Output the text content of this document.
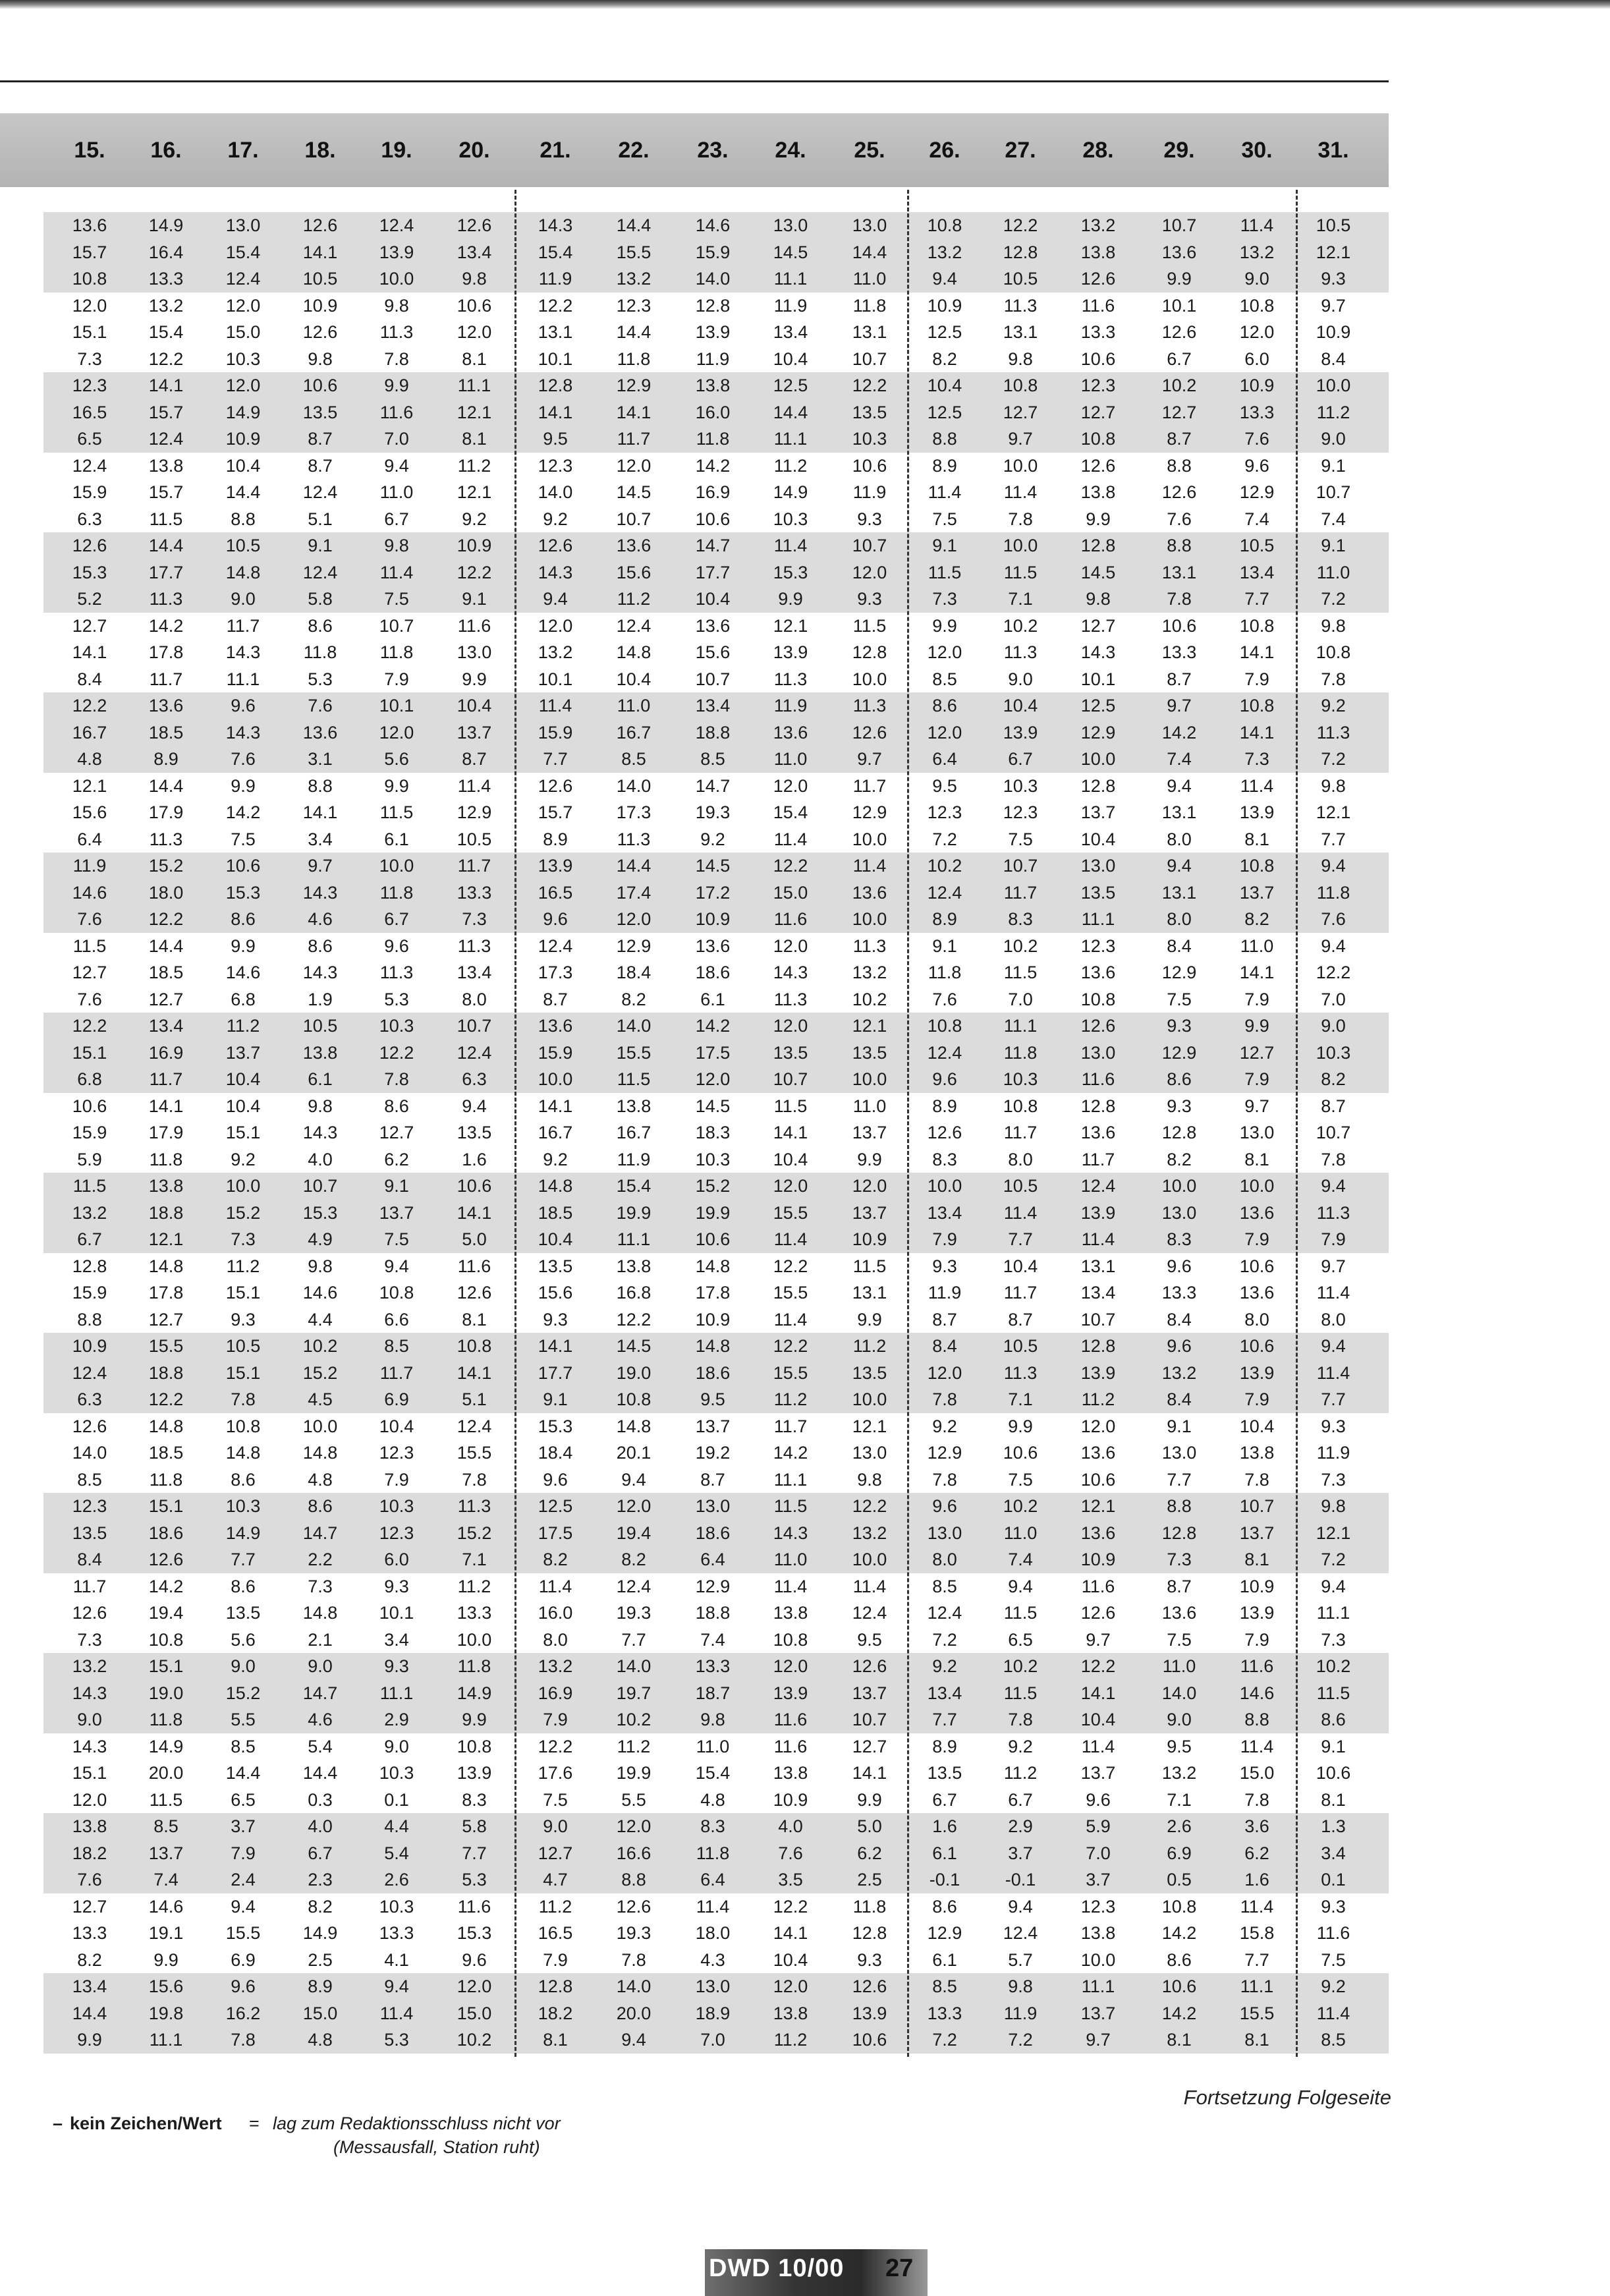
15.	16.	17.	18.	19.	20.	21.	22.	23.	24.	25.	26.	27.	28.	29.	30.	31.
13.6	14.9	13.0	12.6	12.4	12.6	14.3	14.4	14.6	13.0	13.0	10.8	12.2	13.2	10.7	11.4	10.5
15.7	16.4	15.4	14.1	13.9	13.4	15.4	15.5	15.9	14.5	14.4	13.2	12.8	13.8	13.6	13.2	12.1
10.8	13.3	12.4	10.5	10.0	9.8	11.9	13.2	14.0	11.1	11.0	9.4	10.5	12.6	9.9	9.0	9.3
12.0	13.2	12.0	10.9	9.8	10.6	12.2	12.3	12.8	11.9	11.8	10.9	11.3	11.6	10.1	10.8	9.7
15.1	15.4	15.0	12.6	11.3	12.0	13.1	14.4	13.9	13.4	13.1	12.5	13.1	13.3	12.6	12.0	10.9
7.3	12.2	10.3	9.8	7.8	8.1	10.1	11.8	11.9	10.4	10.7	8.2	9.8	10.6	6.7	6.0	8.4
12.3	14.1	12.0	10.6	9.9	11.1	12.8	12.9	13.8	12.5	12.2	10.4	10.8	12.3	10.2	10.9	10.0
16.5	15.7	14.9	13.5	11.6	12.1	14.1	14.1	16.0	14.4	13.5	12.5	12.7	12.7	12.7	13.3	11.2
6.5	12.4	10.9	8.7	7.0	8.1	9.5	11.7	11.8	11.1	10.3	8.8	9.7	10.8	8.7	7.6	9.0
12.4	13.8	10.4	8.7	9.4	11.2	12.3	12.0	14.2	11.2	10.6	8.9	10.0	12.6	8.8	9.6	9.1
15.9	15.7	14.4	12.4	11.0	12.1	14.0	14.5	16.9	14.9	11.9	11.4	11.4	13.8	12.6	12.9	10.7
6.3	11.5	8.8	5.1	6.7	9.2	9.2	10.7	10.6	10.3	9.3	7.5	7.8	9.9	7.6	7.4	7.4
12.6	14.4	10.5	9.1	9.8	10.9	12.6	13.6	14.7	11.4	10.7	9.1	10.0	12.8	8.8	10.5	9.1
15.3	17.7	14.8	12.4	11.4	12.2	14.3	15.6	17.7	15.3	12.0	11.5	11.5	14.5	13.1	13.4	11.0
5.2	11.3	9.0	5.8	7.5	9.1	9.4	11.2	10.4	9.9	9.3	7.3	7.1	9.8	7.8	7.7	7.2
12.7	14.2	11.7	8.6	10.7	11.6	12.0	12.4	13.6	12.1	11.5	9.9	10.2	12.7	10.6	10.8	9.8
14.1	17.8	14.3	11.8	11.8	13.0	13.2	14.8	15.6	13.9	12.8	12.0	11.3	14.3	13.3	14.1	10.8
8.4	11.7	11.1	5.3	7.9	9.9	10.1	10.4	10.7	11.3	10.0	8.5	9.0	10.1	8.7	7.9	7.8
12.2	13.6	9.6	7.6	10.1	10.4	11.4	11.0	13.4	11.9	11.3	8.6	10.4	12.5	9.7	10.8	9.2
16.7	18.5	14.3	13.6	12.0	13.7	15.9	16.7	18.8	13.6	12.6	12.0	13.9	12.9	14.2	14.1	11.3
4.8	8.9	7.6	3.1	5.6	8.7	7.7	8.5	8.5	11.0	9.7	6.4	6.7	10.0	7.4	7.3	7.2
12.1	14.4	9.9	8.8	9.9	11.4	12.6	14.0	14.7	12.0	11.7	9.5	10.3	12.8	9.4	11.4	9.8
15.6	17.9	14.2	14.1	11.5	12.9	15.7	17.3	19.3	15.4	12.9	12.3	12.3	13.7	13.1	13.9	12.1
6.4	11.3	7.5	3.4	6.1	10.5	8.9	11.3	9.2	11.4	10.0	7.2	7.5	10.4	8.0	8.1	7.7
11.9	15.2	10.6	9.7	10.0	11.7	13.9	14.4	14.5	12.2	11.4	10.2	10.7	13.0	9.4	10.8	9.4
14.6	18.0	15.3	14.3	11.8	13.3	16.5	17.4	17.2	15.0	13.6	12.4	11.7	13.5	13.1	13.7	11.8
7.6	12.2	8.6	4.6	6.7	7.3	9.6	12.0	10.9	11.6	10.0	8.9	8.3	11.1	8.0	8.2	7.6
11.5	14.4	9.9	8.6	9.6	11.3	12.4	12.9	13.6	12.0	11.3	9.1	10.2	12.3	8.4	11.0	9.4
12.7	18.5	14.6	14.3	11.3	13.4	17.3	18.4	18.6	14.3	13.2	11.8	11.5	13.6	12.9	14.1	12.2
7.6	12.7	6.8	1.9	5.3	8.0	8.7	8.2	6.1	11.3	10.2	7.6	7.0	10.8	7.5	7.9	7.0
12.2	13.4	11.2	10.5	10.3	10.7	13.6	14.0	14.2	12.0	12.1	10.8	11.1	12.6	9.3	9.9	9.0
15.1	16.9	13.7	13.8	12.2	12.4	15.9	15.5	17.5	13.5	13.5	12.4	11.8	13.0	12.9	12.7	10.3
6.8	11.7	10.4	6.1	7.8	6.3	10.0	11.5	12.0	10.7	10.0	9.6	10.3	11.6	8.6	7.9	8.2
10.6	14.1	10.4	9.8	8.6	9.4	14.1	13.8	14.5	11.5	11.0	8.9	10.8	12.8	9.3	9.7	8.7
15.9	17.9	15.1	14.3	12.7	13.5	16.7	16.7	18.3	14.1	13.7	12.6	11.7	13.6	12.8	13.0	10.7
5.9	11.8	9.2	4.0	6.2	1.6	9.2	11.9	10.3	10.4	9.9	8.3	8.0	11.7	8.2	8.1	7.8
11.5	13.8	10.0	10.7	9.1	10.6	14.8	15.4	15.2	12.0	12.0	10.0	10.5	12.4	10.0	10.0	9.4
13.2	18.8	15.2	15.3	13.7	14.1	18.5	19.9	19.9	15.5	13.7	13.4	11.4	13.9	13.0	13.6	11.3
6.7	12.1	7.3	4.9	7.5	5.0	10.4	11.1	10.6	11.4	10.9	7.9	7.7	11.4	8.3	7.9	7.9
12.8	14.8	11.2	9.8	9.4	11.6	13.5	13.8	14.8	12.2	11.5	9.3	10.4	13.1	9.6	10.6	9.7
15.9	17.8	15.1	14.6	10.8	12.6	15.6	16.8	17.8	15.5	13.1	11.9	11.7	13.4	13.3	13.6	11.4
8.8	12.7	9.3	4.4	6.6	8.1	9.3	12.2	10.9	11.4	9.9	8.7	8.7	10.7	8.4	8.0	8.0
10.9	15.5	10.5	10.2	8.5	10.8	14.1	14.5	14.8	12.2	11.2	8.4	10.5	12.8	9.6	10.6	9.4
12.4	18.8	15.1	15.2	11.7	14.1	17.7	19.0	18.6	15.5	13.5	12.0	11.3	13.9	13.2	13.9	11.4
6.3	12.2	7.8	4.5	6.9	5.1	9.1	10.8	9.5	11.2	10.0	7.8	7.1	11.2	8.4	7.9	7.7
12.6	14.8	10.8	10.0	10.4	12.4	15.3	14.8	13.7	11.7	12.1	9.2	9.9	12.0	9.1	10.4	9.3
14.0	18.5	14.8	14.8	12.3	15.5	18.4	20.1	19.2	14.2	13.0	12.9	10.6	13.6	13.0	13.8	11.9
8.5	11.8	8.6	4.8	7.9	7.8	9.6	9.4	8.7	11.1	9.8	7.8	7.5	10.6	7.7	7.8	7.3
12.3	15.1	10.3	8.6	10.3	11.3	12.5	12.0	13.0	11.5	12.2	9.6	10.2	12.1	8.8	10.7	9.8
13.5	18.6	14.9	14.7	12.3	15.2	17.5	19.4	18.6	14.3	13.2	13.0	11.0	13.6	12.8	13.7	12.1
8.4	12.6	7.7	2.2	6.0	7.1	8.2	8.2	6.4	11.0	10.0	8.0	7.4	10.9	7.3	8.1	7.2
11.7	14.2	8.6	7.3	9.3	11.2	11.4	12.4	12.9	11.4	11.4	8.5	9.4	11.6	8.7	10.9	9.4
12.6	19.4	13.5	14.8	10.1	13.3	16.0	19.3	18.8	13.8	12.4	12.4	11.5	12.6	13.6	13.9	11.1
7.3	10.8	5.6	2.1	3.4	10.0	8.0	7.7	7.4	10.8	9.5	7.2	6.5	9.7	7.5	7.9	7.3
13.2	15.1	9.0	9.0	9.3	11.8	13.2	14.0	13.3	12.0	12.6	9.2	10.2	12.2	11.0	11.6	10.2
14.3	19.0	15.2	14.7	11.1	14.9	16.9	19.7	18.7	13.9	13.7	13.4	11.5	14.1	14.0	14.6	11.5
9.0	11.8	5.5	4.6	2.9	9.9	7.9	10.2	9.8	11.6	10.7	7.7	7.8	10.4	9.0	8.8	8.6
14.3	14.9	8.5	5.4	9.0	10.8	12.2	11.2	11.0	11.6	12.7	8.9	9.2	11.4	9.5	11.4	9.1
15.1	20.0	14.4	14.4	10.3	13.9	17.6	19.9	15.4	13.8	14.1	13.5	11.2	13.7	13.2	15.0	10.6
12.0	11.5	6.5	0.3	0.1	8.3	7.5	5.5	4.8	10.9	9.9	6.7	6.7	9.6	7.1	7.8	8.1
13.8	8.5	3.7	4.0	4.4	5.8	9.0	12.0	8.3	4.0	5.0	1.6	2.9	5.9	2.6	3.6	1.3
18.2	13.7	7.9	6.7	5.4	7.7	12.7	16.6	11.8	7.6	6.2	6.1	3.7	7.0	6.9	6.2	3.4
7.6	7.4	2.4	2.3	2.6	5.3	4.7	8.8	6.4	3.5	2.5	-0.1	-0.1	3.7	0.5	1.6	0.1
12.7	14.6	9.4	8.2	10.3	11.6	11.2	12.6	11.4	12.2	11.8	8.6	9.4	12.3	10.8	11.4	9.3
13.3	19.1	15.5	14.9	13.3	15.3	16.5	19.3	18.0	14.1	12.8	12.9	12.4	13.8	14.2	15.8	11.6
8.2	9.9	6.9	2.5	4.1	9.6	7.9	7.8	4.3	10.4	9.3	6.1	5.7	10.0	8.6	7.7	7.5
13.4	15.6	9.6	8.9	9.4	12.0	12.8	14.0	13.0	12.0	12.6	8.5	9.8	11.1	10.6	11.1	9.2
14.4	19.8	16.2	15.0	11.4	15.0	18.2	20.0	18.9	13.8	13.9	13.3	11.9	13.7	14.2	15.5	11.4
9.9	11.1	7.8	4.8	5.3	10.2	8.1	9.4	7.0	11.2	10.6	7.2	7.2	9.7	8.1	8.1	8.5
– kein Zeichen/Wert = lag zum Redaktionsschluss nicht vor
(Messausfall, Station ruht)
Fortsetzung Folgeseite
DWD 10/00 27
